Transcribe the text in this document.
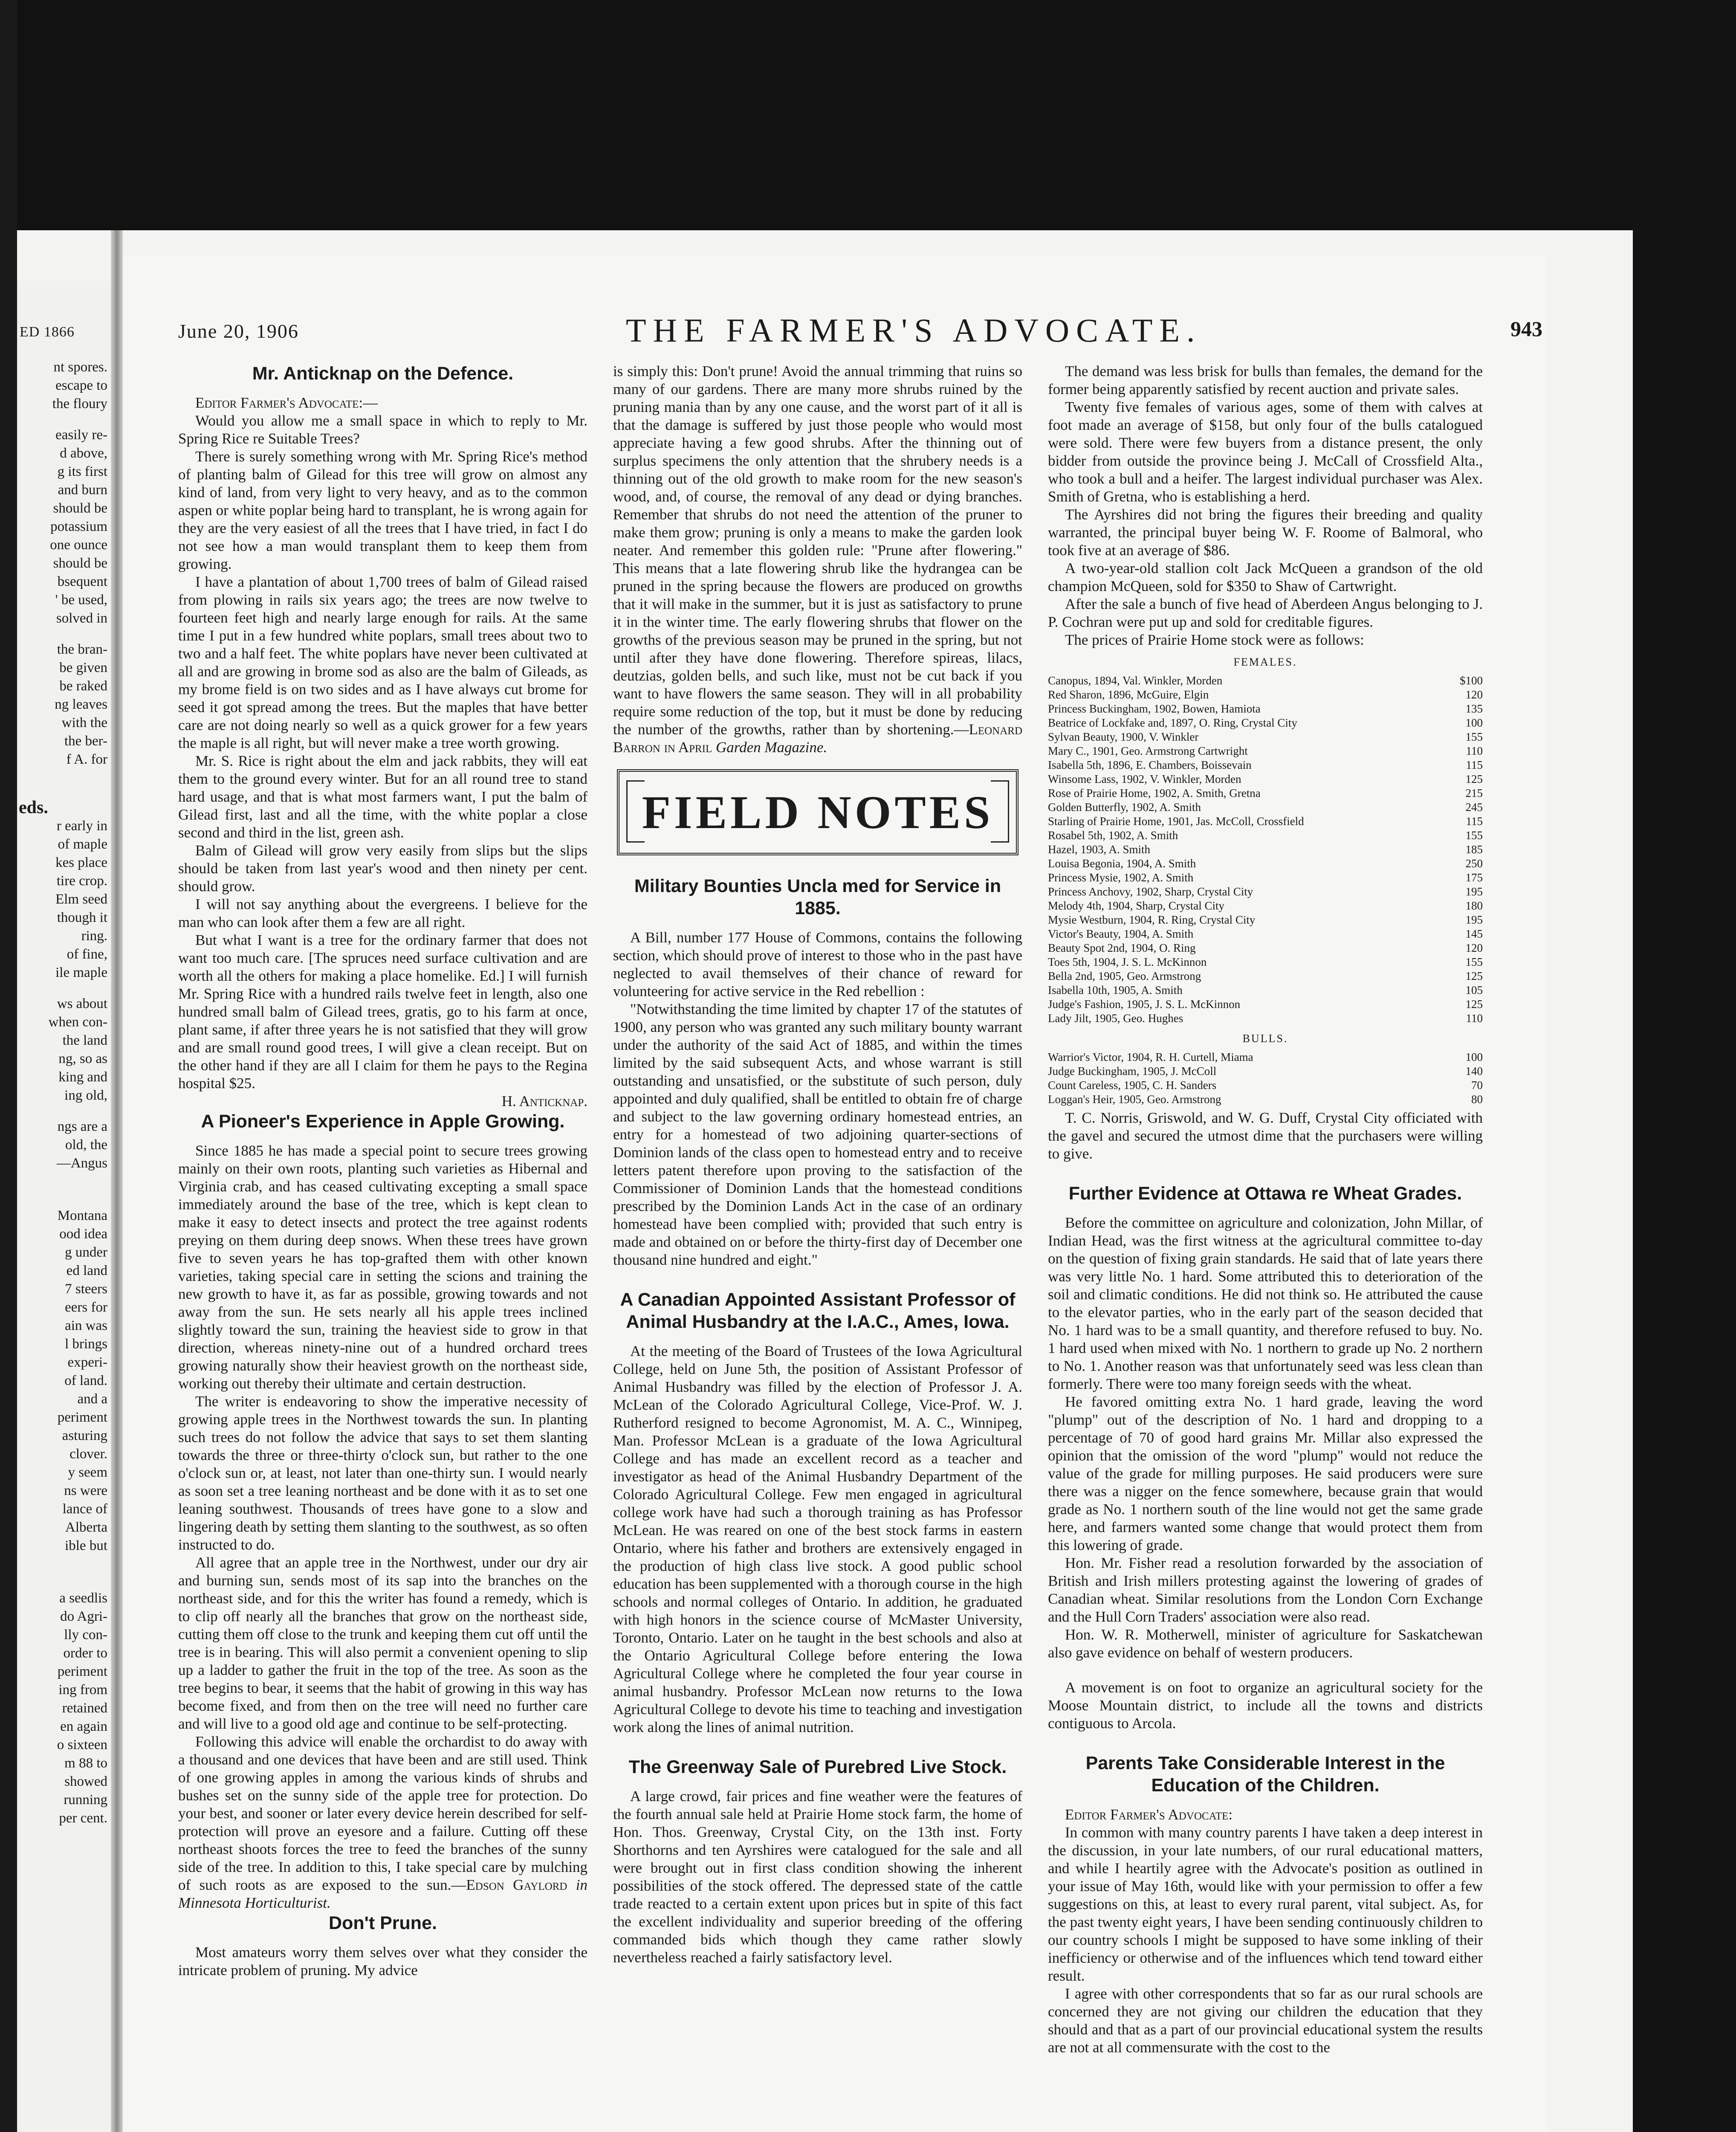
ED 1866
nt spores.
escape to
the floury
easily re-
d above,
g its first
and burn
should be
potassium
one ounce
should be
bsequent
' be used,
solved in
the bran-
be given
be raked
ng leaves
with the
the ber-
f A. for
eds.
r early in
of maple
kes place
tire crop.
Elm seed
though it
ring.
of fine,
ile maple
ws about
when con-
the land
ng, so as
king and
ing old,
ngs are a
old, the
—Angus
Montana
ood idea
g under
ed land
7 steers
eers for
ain was
l brings
experi-
of land.
and a
periment
asturing
clover.
y seem
ns were
lance of
Alberta
ible but
a seedlis
do Agri-
lly con-
order to
periment
ing from
retained
en again
o sixteen
m 88 to
showed
running
per cent.
June 20, 1906	THE FARMER'S ADVOCATE.	943
Mr. Anticknap on the Defence.

Editor Farmer's Advocate:—

Would you allow me a small space in which to reply to Mr. Spring Rice re Suitable Trees?

There is surely something wrong with Mr. Spring Rice's method of planting balm of Gilead for this tree will grow on almost any kind of land, from very light to very heavy, and as to the common aspen or white poplar being hard to transplant, he is wrong again for they are the very easiest of all the trees that I have tried, in fact I do not see how a man would transplant them to keep them from growing.

I have a plantation of about 1,700 trees of balm of Gilead raised from plowing in rails six years ago; the trees are now twelve to fourteen feet high and nearly large enough for rails. At the same time I put in a few hundred white poplars, small trees about two to two and a half feet. The white poplars have never been cultivated at all and are growing in brome sod as also are the balm of Gileads, as my brome field is on two sides and as I have always cut brome for seed it got spread among the trees. But the maples that have better care are not doing nearly so well as a quick grower for a few years the maple is all right, but will never make a tree worth growing.

Mr. S. Rice is right about the elm and jack rabbits, they will eat them to the ground every winter. But for an all round tree to stand hard usage, and that is what most farmers want, I put the balm of Gilead first, last and all the time, with the white poplar a close second and third in the list, green ash.

Balm of Gilead will grow very easily from slips but the slips should be taken from last year's wood and then ninety per cent. should grow.

I will not say anything about the evergreens. I believe for the man who can look after them a few are all right.

But what I want is a tree for the ordinary farmer that does not want too much care. [The spruces need surface cultivation and are worth all the others for making a place homelike. Ed.] I will furnish Mr. Spring Rice with a hundred rails twelve feet in length, also one hundred small balm of Gilead trees, gratis, go to his farm at once, plant same, if after three years he is not satisfied that they will grow and are small round good trees, I will give a clean receipt. But on the other hand if they are all I claim for them he pays to the Regina hospital $25.

H. Anticknap.

A Pioneer's Experience in Apple Growing.

Since 1885 he has made a special point to secure trees growing mainly on their own roots, planting such varieties as Hibernal and Virginia crab, and has ceased cultivating excepting a small space immediately around the base of the tree, which is kept clean to make it easy to detect insects and protect the tree against rodents preying on them during deep snows. When these trees have grown five to seven years he has top-grafted them with other known varieties, taking special care in setting the scions and training the new growth to have it, as far as possible, growing towards and not away from the sun. He sets nearly all his apple trees inclined slightly toward the sun, training the heaviest side to grow in that direction, whereas ninety-nine out of a hundred orchard trees growing naturally show their heaviest growth on the northeast side, working out thereby their ultimate and certain destruction.

The writer is endeavoring to show the imperative necessity of growing apple trees in the Northwest towards the sun. In planting such trees do not follow the advice that says to set them slanting towards the three or three-thirty o'clock sun, but rather to the one o'clock sun or, at least, not later than one-thirty sun. I would nearly as soon set a tree leaning northeast and be done with it as to set one leaning southwest. Thousands of trees have gone to a slow and lingering death by setting them slanting to the southwest, as so often instructed to do.

All agree that an apple tree in the Northwest, under our dry air and burning sun, sends most of its sap into the branches on the northeast side, and for this the writer has found a remedy, which is to clip off nearly all the branches that grow on the northeast side, cutting them off close to the trunk and keeping them cut off until the tree is in bearing. This will also permit a convenient opening to slip up a ladder to gather the fruit in the top of the tree. As soon as the tree begins to bear, it seems that the habit of growing in this way has become fixed, and from then on the tree will need no further care and will live to a good old age and continue to be self-protecting.

Following this advice will enable the orchardist to do away with a thousand and one devices that have been and are still used. Think of one growing apples in among the various kinds of shrubs and bushes set on the sunny side of the apple tree for protection. Do your best, and sooner or later every device herein described for self-protection will prove an eyesore and a failure. Cutting off these northeast shoots forces the tree to feed the branches of the sunny side of the tree. In addition to this, I take special care by mulching of such roots as are exposed to the sun.—Edson Gaylord in Minnesota Horticulturist.

Don't Prune.

Most amateurs worry them selves over what they consider the intricate problem of pruning. My advice

is simply this: Don't prune! Avoid the annual trimming that ruins so many of our gardens. There are many more shrubs ruined by the pruning mania than by any one cause, and the worst part of it all is that the damage is suffered by just those people who would most appreciate having a few good shrubs. After the thinning out of surplus specimens the only attention that the shrubery needs is a thinning out of the old growth to make room for the new season's wood, and, of course, the removal of any dead or dying branches. Remember that shrubs do not need the attention of the pruner to make them grow; pruning is only a means to make the garden look neater. And remember this golden rule: "Prune after flowering." This means that a late flowering shrub like the hydrangea can be pruned in the spring because the flowers are produced on growths that it will make in the summer, but it is just as satisfactory to prune it in the winter time. The early flowering shrubs that flower on the growths of the previous season may be pruned in the spring, but not until after they have done flowering. Therefore spireas, lilacs, deutzias, golden bells, and such like, must not be cut back if you want to have flowers the same season. They will in all probability require some reduction of the top, but it must be done by reducing the number of the growths, rather than by shortening.—Leonard Barron in April Garden Magazine.

FIELD NOTES
Military Bounties Uncla med for Service in 1885.

A Bill, number 177 House of Commons, contains the following section, which should prove of interest to those who in the past have neglected to avail themselves of their chance of reward for volunteering for active service in the Red rebellion :

"Notwithstanding the time limited by chapter 17 of the statutes of 1900, any person who was granted any such military bounty warrant under the authority of the said Act of 1885, and within the times limited by the said subsequent Acts, and whose warrant is still outstanding and unsatisfied, or the substitute of such person, duly appointed and duly qualified, shall be entitled to obtain fre of charge and subject to the law governing ordinary homestead entries, an entry for a homestead of two adjoining quarter-sections of Dominion lands of the class open to homestead entry and to receive letters patent therefore upon proving to the satisfaction of the Commissioner of Dominion Lands that the homestead conditions prescribed by the Dominion Lands Act in the case of an ordinary homestead have been complied with; provided that such entry is made and obtained on or before the thirty-first day of December one thousand nine hundred and eight."

A Canadian Appointed Assistant Professor of Animal Husbandry at the I.A.C., Ames, Iowa.

At the meeting of the Board of Trustees of the Iowa Agricultural College, held on June 5th, the position of Assistant Professor of Animal Husbandry was filled by the election of Professor J. A. McLean of the Colorado Agricultural College, Vice-Prof. W. J. Rutherford resigned to become Agronomist, M. A. C., Winnipeg, Man. Professor McLean is a graduate of the Iowa Agricultural College and has made an excellent record as a teacher and investigator as head of the Animal Husbandry Department of the Colorado Agricultural College. Few men engaged in agricultural college work have had such a thorough training as has Professor McLean. He was reared on one of the best stock farms in eastern Ontario, where his father and brothers are extensively engaged in the production of high class live stock. A good public school education has been supplemented with a thorough course in the high schools and normal colleges of Ontario. In addition, he graduated with high honors in the science course of McMaster University, Toronto, Ontario. Later on he taught in the best schools and also at the Ontario Agricultural College before entering the Iowa Agricultural College where he completed the four year course in animal husbandry. Professor McLean now returns to the Iowa Agricultural College to devote his time to teaching and investigation work along the lines of animal nutrition.

The Greenway Sale of Purebred Live Stock.

A large crowd, fair prices and fine weather were the features of the fourth annual sale held at Prairie Home stock farm, the home of Hon. Thos. Greenway, Crystal City, on the 13th inst. Forty Shorthorns and ten Ayrshires were catalogued for the sale and all were brought out in first class condition showing the inherent possibilities of the stock offered. The depressed state of the cattle trade reacted to a certain extent upon prices but in spite of this fact the excellent individuality and superior breeding of the offering commanded bids which though they came rather slowly nevertheless reached a fairly satisfactory level.

The demand was less brisk for bulls than females, the demand for the former being apparently satisfied by recent auction and private sales.

Twenty five females of various ages, some of them with calves at foot made an average of $158, but only four of the bulls catalogued were sold. There were few buyers from a distance present, the only bidder from outside the province being J. McCall of Crossfield Alta., who took a bull and a heifer. The largest individual purchaser was Alex. Smith of Gretna, who is establishing a herd.

The Ayrshires did not bring the figures their breeding and quality warranted, the principal buyer being W. F. Roome of Balmoral, who took five at an average of $86.

A two-year-old stallion colt Jack McQueen a grandson of the old champion McQueen, sold for $350 to Shaw of Cartwright.

After the sale a bunch of five head of Aberdeen Angus belonging to J. P. Cochran were put up and sold for creditable figures.

The prices of Prairie Home stock were as follows:

FEMALES.
Canopus, 1894, Val. Winkler, Morden	$100
Red Sharon, 1896, McGuire, Elgin	120
Princess Buckingham, 1902, Bowen, Hamiota	135
Beatrice of Lockfake and, 1897, O. Ring, Crystal City	100
Sylvan Beauty, 1900, V. Winkler	155
Mary C., 1901, Geo. Armstrong Cartwright	110
Isabella 5th, 1896, E. Chambers, Boissevain	115
Winsome Lass, 1902, V. Winkler, Morden	125
Rose of Prairie Home, 1902, A. Smith, Gretna	215
Golden Butterfly, 1902, A. Smith	245
Starling of Prairie Home, 1901, Jas. McColl, Crossfield	115
Rosabel 5th, 1902, A. Smith	155
Hazel, 1903, A. Smith	185
Louisa Begonia, 1904, A. Smith	250
Princess Mysie, 1902, A. Smith	175
Princess Anchovy, 1902, Sharp, Crystal City	195
Melody 4th, 1904, Sharp, Crystal City	180
Mysie Westburn, 1904, R. Ring, Crystal City	195
Victor's Beauty, 1904, A. Smith	145
Beauty Spot 2nd, 1904, O. Ring	120
Toes 5th, 1904, J. S. L. McKinnon	155
Bella 2nd, 1905, Geo. Armstrong	125
Isabella 10th, 1905, A. Smith	105
Judge's Fashion, 1905, J. S. L. McKinnon	125
Lady Jilt, 1905, Geo. Hughes	110
BULLS.
Warrior's Victor, 1904, R. H. Curtell, Miama	100
Judge Buckingham, 1905, J. McColl	140
Count Careless, 1905, C. H. Sanders	70
Loggan's Heir, 1905, Geo. Armstrong	80

T. C. Norris, Griswold, and W. G. Duff, Crystal City officiated with the gavel and secured the utmost dime that the purchasers were willing to give.

Further Evidence at Ottawa re Wheat Grades.

Before the committee on agriculture and colonization, John Millar, of Indian Head, was the first witness at the agricultural committee to-day on the question of fixing grain standards. He said that of late years there was very little No. 1 hard. Some attributed this to deterioration of the soil and climatic conditions. He did not think so. He attributed the cause to the elevator parties, who in the early part of the season decided that No. 1 hard was to be a small quantity, and therefore refused to buy. No. 1 hard used when mixed with No. 1 northern to grade up No. 2 northern to No. 1. Another reason was that unfortunately seed was less clean than formerly. There were too many foreign seeds with the wheat.

He favored omitting extra No. 1 hard grade, leaving the word "plump" out of the description of No. 1 hard and dropping to a percentage of 70 of good hard grains Mr. Millar also expressed the opinion that the omission of the word "plump" would not reduce the value of the grade for milling purposes. He said producers were sure there was a nigger on the fence somewhere, because grain that would grade as No. 1 northern south of the line would not get the same grade here, and farmers wanted some change that would protect them from this lowering of grade.

Hon. Mr. Fisher read a resolution forwarded by the association of British and Irish millers protesting against the lowering of grades of Canadian wheat. Similar resolutions from the London Corn Exchange and the Hull Corn Traders' association were also read.

Hon. W. R. Motherwell, minister of agriculture for Saskatchewan also gave evidence on behalf of western producers.

A movement is on foot to organize an agricultural society for the Moose Mountain district, to include all the towns and districts contiguous to Arcola.

Parents Take Considerable Interest in the Education of the Children.

Editor Farmer's Advocate:

In common with many country parents I have taken a deep interest in the discussion, in your late numbers, of our rural educational matters, and while I heartily agree with the Advocate's position as outlined in your issue of May 16th, would like with your permission to offer a few suggestions on this, at least to every rural parent, vital subject. As, for the past twenty eight years, I have been sending continuously children to our country schools I might be supposed to have some inkling of their inefficiency or otherwise and of the influences which tend toward either result.

I agree with other correspondents that so far as our rural schools are concerned they are not giving our children the education that they should and that as a part of our provincial educational system the results are not at all commensurate with the cost to the
